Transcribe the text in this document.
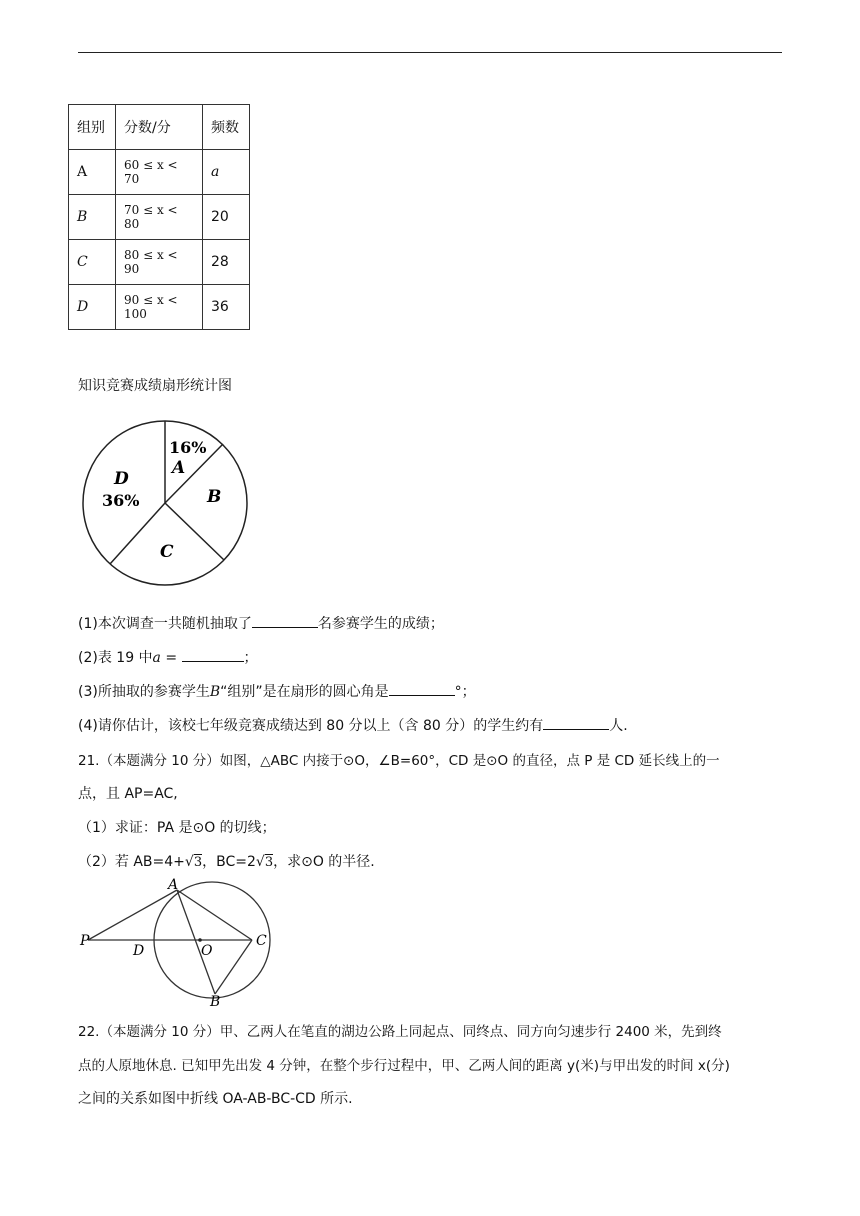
组别	分数/分	频数
A	60 ≤ x < 70	a
B	70 ≤ x < 80	20
C	80 ≤ x < 90	28
D	90 ≤ x < 100	36
知识竞赛成绩扇形统计图
16%
A
B
C
D
36%
(1)本次调查一共随机抽取了	名参赛学生的成绩；
(2)表 19 中a =	；
(3)所抽取的参赛学生B“组别”是在扇形的圆心角是	°；
(4)请你估计，该校七年级竞赛成绩达到 80 分以上（含 80 分）的学生约有	人.
21.（本题满分 10 分）如图，△ABC 内接于⊙O，∠B=60°，CD 是⊙O 的直径，点 P 是 CD 延长线上的一
点，且 AP=AC,
（1）求证：PA 是⊙O 的切线；
（2）若 AB=4+√3，BC=2√3，求⊙O 的半径.
A
P
D	O
C
B
22.（本题满分 10 分）甲、乙两人在笔直的湖边公路上同起点、同终点、同方向匀速步行 2400 米，先到终
点的人原地休息. 已知甲先出发 4 分钟，在整个步行过程中，甲、乙两人间的距离 y(米)与甲出发的时间 x(分)
之间的关系如图中折线 OA-AB-BC-CD 所示.
